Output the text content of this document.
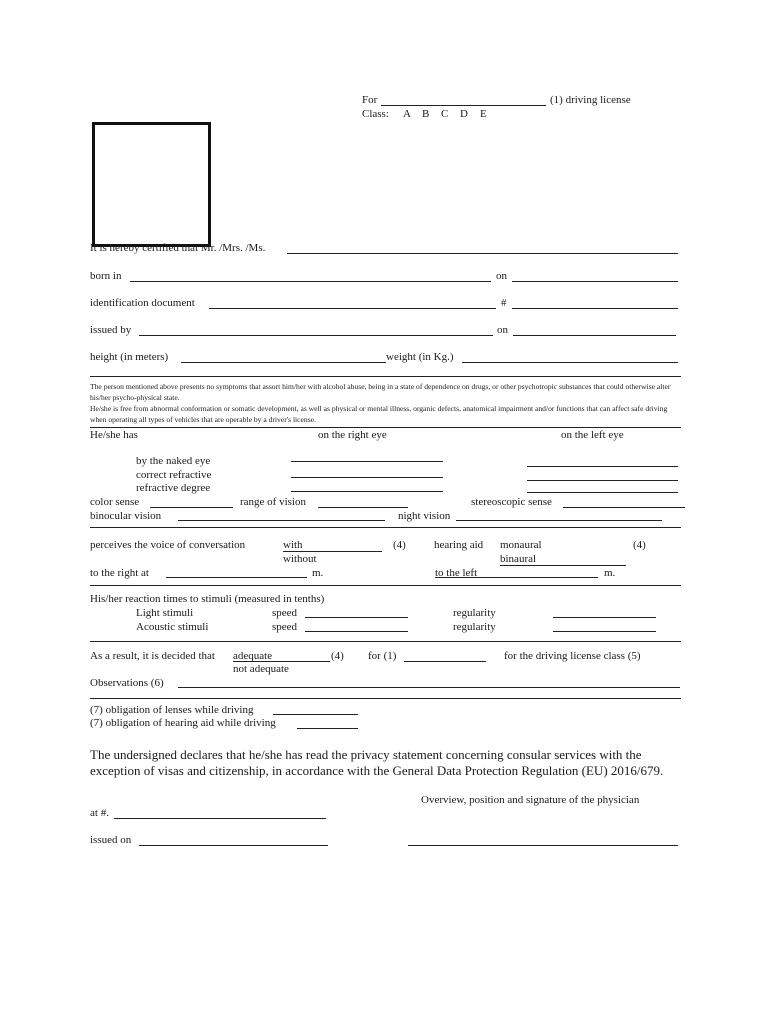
For	(1) driving license
Class: A B C D E
It is hereby certified that Mr. /Mrs. /Ms.
born in	on
identification document	#
issued by	on
height (in meters)	weight (in Kg.)

The person mentioned above presents no symptoms that assort him/her with alcohol abuse, being in a state of dependence on drugs, or other psychotropic substances that could otherwise alter his/her psycho-physical state.

He/she is free from abnormal conformation or somatic development, as well as physical or mental illness, organic defects, anatomical impairment and/or functions that can affect safe driving when operating all types of vehicles that are operable by a driver's license.

He/she has	on the right eye	on the left eye
by the naked eye
correct refractive
refractive degree
color sense	range of vision	stereoscopic sense
binocular vision	night vision
perceives the voice of conversation	with	(4)	hearing aid monaural	(4)
without	binaural
to the right at	m.	to the left	m.
His/her reaction times to stimuli (measured in tenths)
Light stimuli	speed	regularity
Acoustic stimuli	speed	regularity
As a result, it is decided that adequate	(4) for (1)	for the driving license class (5)
not adequate
Observations (6)
(7) obligation of lenses while driving
(7) obligation of hearing aid while driving
The undersigned declares that he/she has read the privacy statement concerning consular services with the exception of visas and citizenship, in accordance with the General Data Protection Regulation (EU) 2016/679.
Overview, position and signature of the physician
at #.
issued on
